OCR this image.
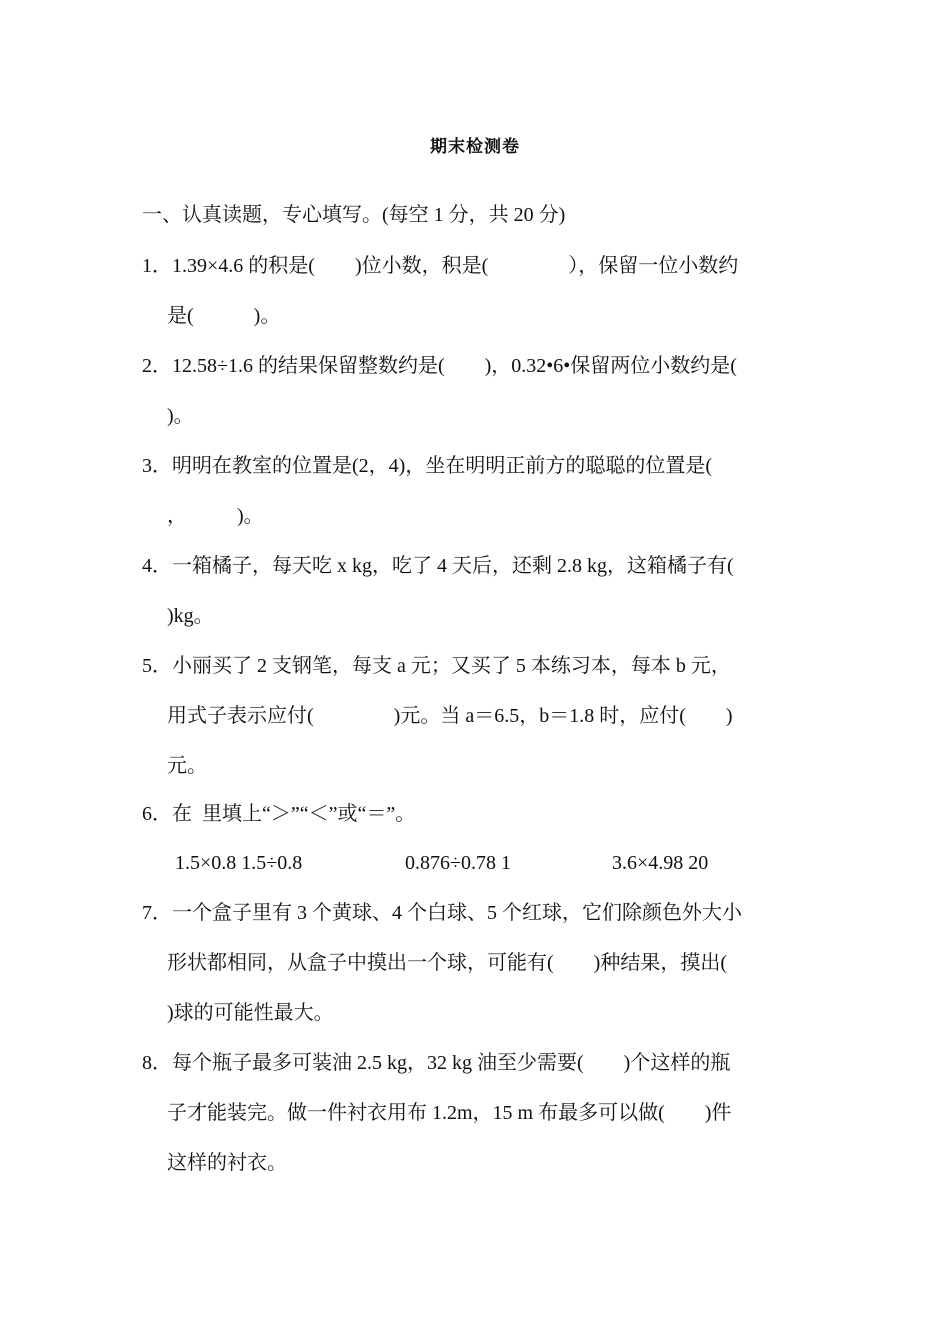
期末检测卷
一、认真读题，专心填写。(每空 1 分，共 20 分)
1．1.39×4.6 的积是(        )位小数，积是(                ），保留一位小数约
是(            )。
2．12.58÷1.6 的结果保留整数约是(        )，0.32•6•保留两位小数约是(
)。
3．明明在教室的位置是(2，4)，坐在明明正前方的聪聪的位置是(
，          )。
4．一箱橘子，每天吃 x kg，吃了 4 天后，还剩 2.8 kg，这箱橘子有(
)kg。
5．小丽买了 2 支钢笔，每支 a 元；又买了 5 本练习本，每本 b 元，
用式子表示应付(                )元。当 a＝6.5，b＝1.8 时，应付(        )
元。
6．在  里填上“＞”“＜”或“＝”。
1.5×0.8 1.5÷0.8	0.876÷0.78 1	3.6×4.98 20
7．一个盒子里有 3 个黄球、4 个白球、5 个红球，它们除颜色外大小
形状都相同，从盒子中摸出一个球，可能有(        )种结果，摸出(
)球的可能性最大。
8．每个瓶子最多可装油 2.5 kg，32 kg 油至少需要(        )个这样的瓶
子才能装完。做一件衬衣用布 1.2m，15 m 布最多可以做(        )件
这样的衬衣。
